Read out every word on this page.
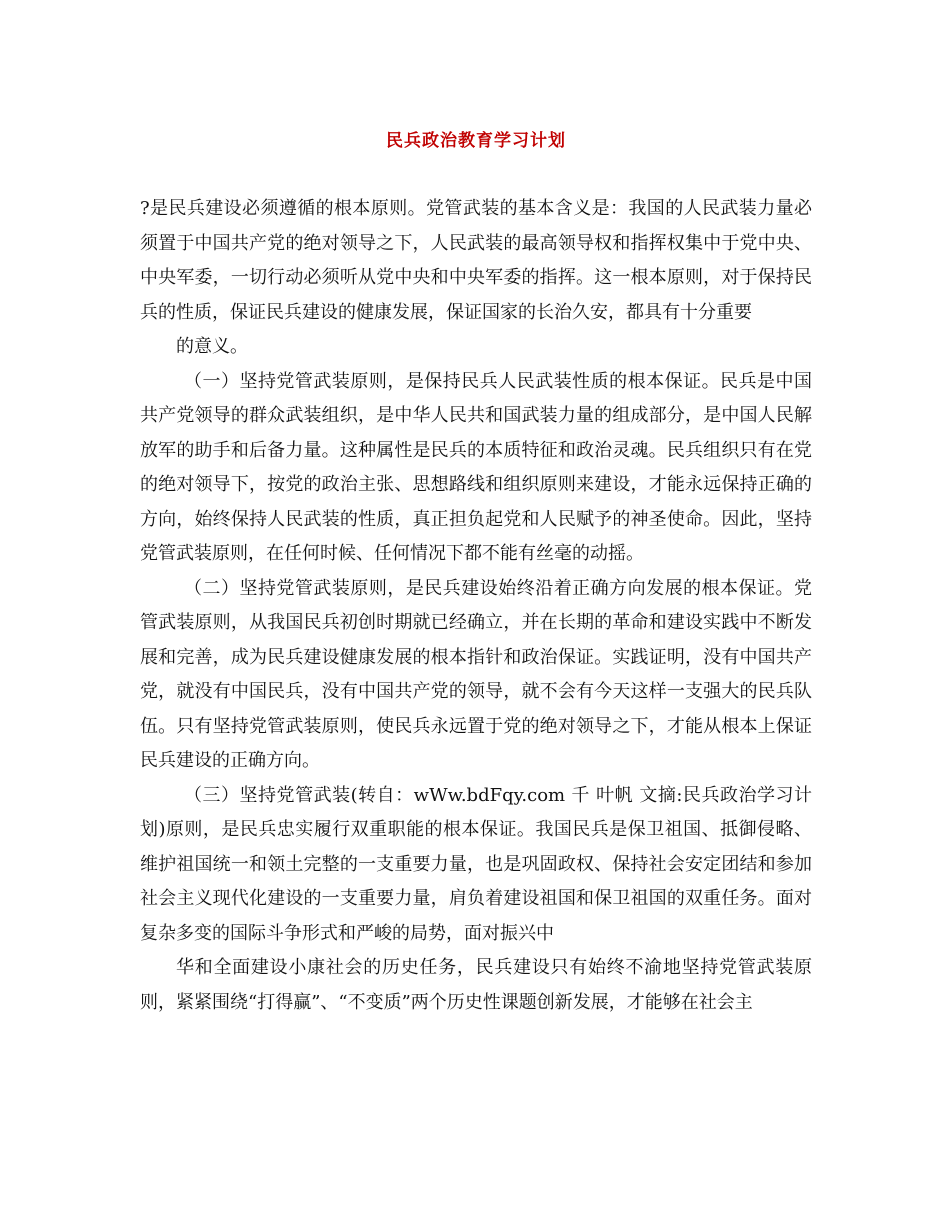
民兵政治教育学习计划

?是民兵建设必须遵循的根本原则。党管武装的基本含义是：我国的人民武装力量必须置于中国共产党的绝对领导之下，人民武装的最高领导权和指挥权集中于党中央、中央军委，一切行动必须听从党中央和中央军委的指挥。这一根本原则，对于保持民兵的性质，保证民兵建设的健康发展，保证国家的长治久安，都具有十分重要

的意义。

（一）坚持党管武装原则，是保持民兵人民武装性质的根本保证。民兵是中国共产党领导的群众武装组织，是中华人民共和国武装力量的组成部分，是中国人民解放军的助手和后备力量。这种属性是民兵的本质特征和政治灵魂。民兵组织只有在党的绝对领导下，按党的政治主张、思想路线和组织原则来建设，才能永远保持正确的方向，始终保持人民武装的性质，真正担负起党和人民赋予的神圣使命。因此，坚持党管武装原则，在任何时候、任何情况下都不能有丝毫的动摇。

（二）坚持党管武装原则，是民兵建设始终沿着正确方向发展的根本保证。党管武装原则，从我国民兵初创时期就已经确立，并在长期的革命和建设实践中不断发展和完善，成为民兵建设健康发展的根本指针和政治保证。实践证明，没有中国共产党，就没有中国民兵，没有中国共产党的领导，就不会有今天这样一支强大的民兵队伍。只有坚持党管武装原则，使民兵永远置于党的绝对领导之下，才能从根本上保证民兵建设的正确方向。

（三）坚持党管武装(转自：wWw.bdFqy.com 千 叶帆 文摘:民兵政治学习计划)原则，是民兵忠实履行双重职能的根本保证。我国民兵是保卫祖国、抵御侵略、维护祖国统一和领土完整的一支重要力量，也是巩固政权、保持社会安定团结和参加社会主义现代化建设的一支重要力量，肩负着建设祖国和保卫祖国的双重任务。面对复杂多变的国际斗争形式和严峻的局势，面对振兴中

华和全面建设小康社会的历史任务，民兵建设只有始终不渝地坚持党管武装原则，紧紧围绕“打得赢”、“不变质”两个历史性课题创新发展，才能够在社会主
